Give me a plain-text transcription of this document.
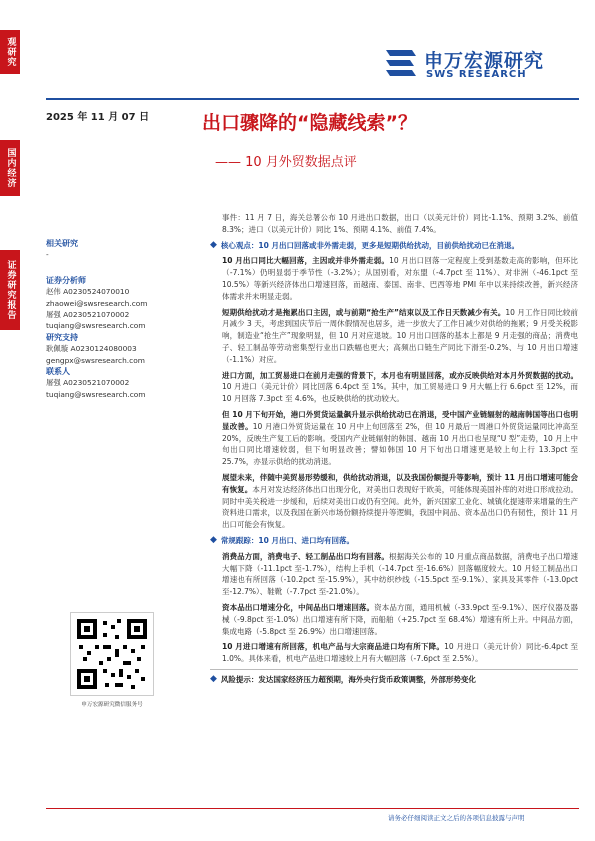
观研究
国内经济
证券研究报告
申万宏源研究
SWS RESEARCH
2025 年 11 月 07 日	出口骤降的“隐藏线索”？
—— 10 月外贸数据点评
相关研究
-
证券分析师
赵伟 A0230524070010
zhaowei@swsresearch.com
屠强 A0230521070002
tuqiang@swsresearch.com
研究支持
耿佩璇 A0230124080003
gengpx@swsresearch.com
联系人
屠强 A0230521070002
tuqiang@swsresearch.com
申万宏源研究微信服务号

事件：11 月 7 日，海关总署公布 10 月进出口数据，出口（以美元计价）同比-1.1%、预期 3.2%、前值 8.3%；进口（以美元计价）同比 1%、预期 4.1%、前值 7.4%。

◆ 核心观点：10 月出口回落或非外需走弱，更多是短期供给扰动，目前供给扰动已在消退。

10 月出口同比大幅回落，主因或并非外需走弱。10 月出口回落一定程度上受到基数走高的影响，但环比（-7.1%）仍明显弱于季节性（-3.2%）；从国别看，对东盟（-4.7pct 至 11%）、对非洲（-46.1pct 至 10.5%）等新兴经济体出口增速回落，而越南、泰国、南非、巴西等地 PMI 年中以来持续改善，新兴经济体需求并未明显走弱。

短期供给扰动才是拖累出口主因，或与前期“抢生产”结束以及工作日天数减少有关。10 月工作日同比较前月减少 3 天，考虑到国庆节后一周休假情况也居多，进一步放大了工作日减少对供给的拖累；9 月受关税影响，制造业“抢生产”现象明显，但 10 月对应退坡。10 月出口回落的基本上都是 9 月走强的商品；消费电子、轻工制品等劳动密集型行业出口跌幅也更大；高频出口链生产同比下滑至-0.2%、与 10 月出口增速（-1.1%）对应。

进口方面，加工贸易进口在前月走强的背景下，本月也有明显回落，或亦反映供给对本月外贸数据的扰动。10 月进口（美元计价）同比回落 6.4pct 至 1%。其中，加工贸易进口 9 月大幅上行 6.6pct 至 12%，而 10 月回落 7.3pct 至 4.6%，也反映供给的扰动较大。

但 10 月下旬开始，港口外贸货运量飙升显示供给扰动已在消退，受中国产业链辐射的越南韩国等出口也明显改善。10 月港口外贸货运量在 10 月中上旬回落至 2%，但 10 月最后一周港口外贸货运量同比冲高至 20%，反映生产复工后的影响。受国内产业链辐射的韩国、越南 10 月出口也呈现“U 型”走势，10 月上中旬出口同比增速较弱，但下旬明显改善；譬如韩国 10 月下旬出口增速更是较上旬上行 13.3pct 至 25.7%，亦显示供给的扰动消退。

展望未来，伴随中美贸易形势缓和，供给扰动消退，以及我国份额提升等影响，预计 11 月出口增速可能会有恢复。本月对发达经济体出口出现分化，对美出口表现好于欧美，可能体现美国补库的对进口形成拉动。同时中美关税进一步缓和，后续对美出口或仍有空间。此外，新兴国家工业化、城镇化提速带来增量的生产资料进口需求，以及我国在新兴市场份额持续提升等逻辑，我国中间品、资本品出口仍有韧性，预计 11 月出口可能会有恢复。

◆ 常规跟踪：10 月出口、进口均有回落。

消费品方面，消费电子、轻工制品出口均有回落。根据海关公布的 10 月重点商品数据，消费电子出口增速大幅下降（-11.1pct 至-1.7%），结构上手机（-14.7pct 至-16.6%）回落幅度较大。10 月轻工制品出口增速也有所回落（-10.2pct 至-15.9%），其中纺织纱线（-15.5pct 至-9.1%）、家具及其零件（-13.0pct 至-12.7%）、鞋靴（-7.7pct 至-21.0%）。

资本品出口增速分化，中间品出口增速回落。资本品方面，通用机械（-33.9pct 至-9.1%）、医疗仪器及器械（-9.8pct 至-1.0%）出口增速有所下降，而船舶（+25.7pct 至 68.4%）增速有所上升。中间品方面，集成电路（-5.8pct 至 26.9%）出口增速回落。

10 月进口增速有所回落，机电产品与大宗商品进口均有所下降。10 月进口（美元计价）同比-6.4pct 至 1.0%。具体来看，机电产品进口增速较上月有大幅回落（-7.6pct 至 2.5%）。

◆ 风险提示：发达国家经济压力超预期，海外央行货币政策调整，外部形势变化
请务必仔细阅读正文之后的各项信息披露与声明
